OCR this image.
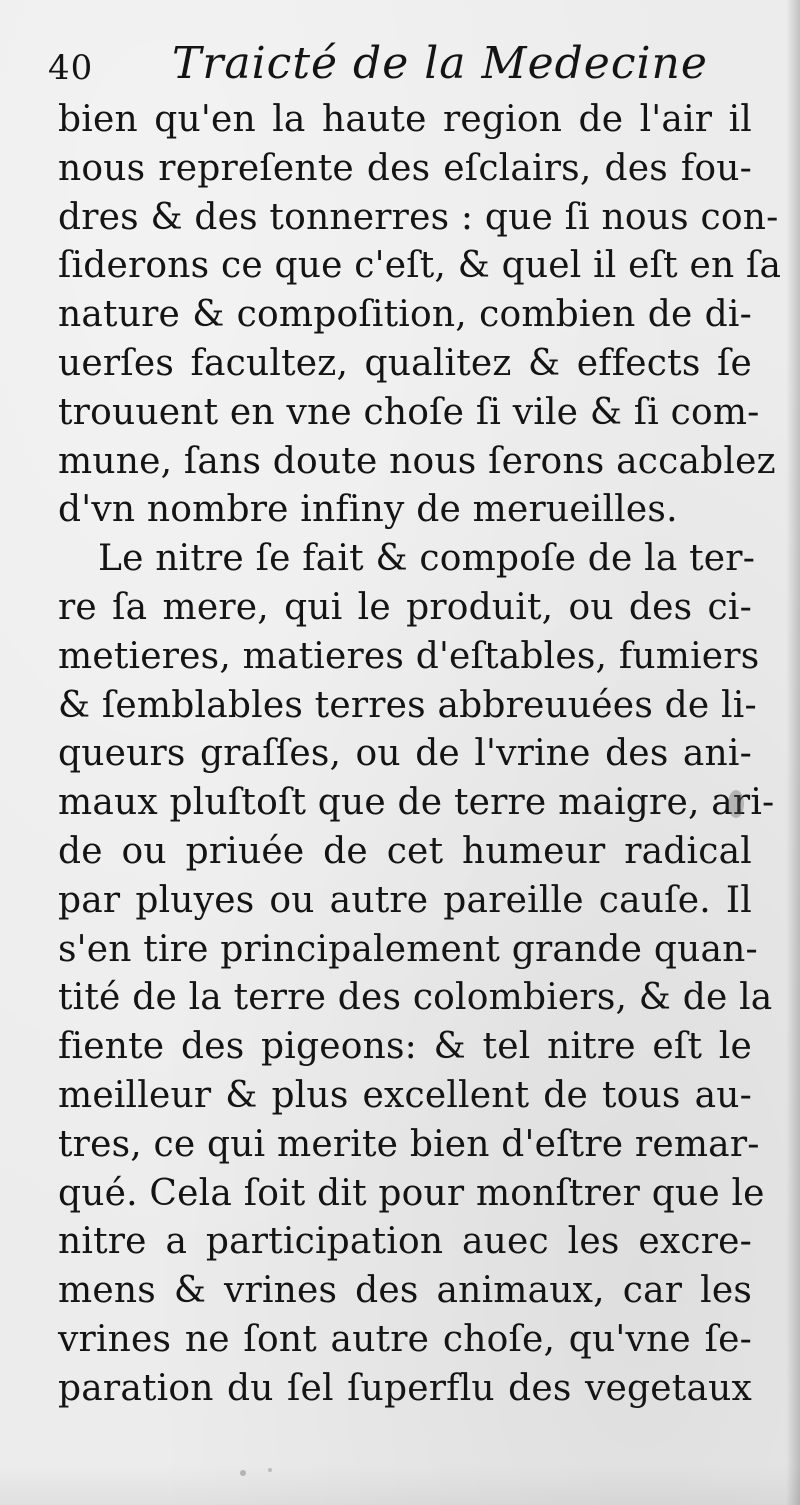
40 Traicté de la Medecine
bien qu'en la haute region de l'air il
nous repreſente des eſclairs, des fou-
dres & des tonnerres : que ſi nous con-
ſiderons ce que c'eſt, & quel il eſt en ſa
nature & compoſition, combien de di-
uerſes facultez, qualitez & effects ſe
trouuent en vne choſe ſi vile & ſi com-
mune, ſans doute nous ſerons accablez
d'vn nombre infiny de merueilles.
Le nitre ſe fait & compoſe de la ter-
re ſa mere, qui le produit, ou des ci-
metieres, matieres d'eſtables, fumiers
& ſemblables terres abbreuuées de li-
queurs graſſes, ou de l'vrine des ani-
maux pluſtoſt que de terre maigre, ari-
de ou priuée de cet humeur radical
par pluyes ou autre pareille cauſe. Il
s'en tire principalement grande quan-
tité de la terre des colombiers, & de la
fiente des pigeons: & tel nitre eſt le
meilleur & plus excellent de tous au-
tres, ce qui merite bien d'eſtre remar-
qué. Cela ſoit dit pour monſtrer que le
nitre a participation auec les excre-
mens & vrines des animaux, car les
vrines ne ſont autre choſe, qu'vne ſe-
paration du ſel ſuperflu des vegetaux
